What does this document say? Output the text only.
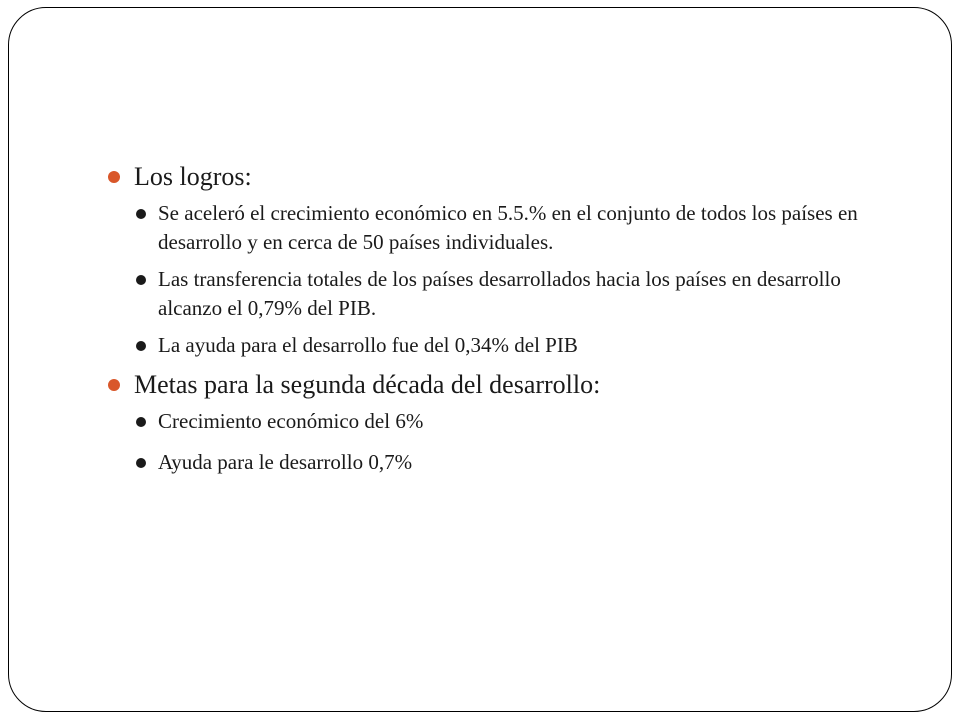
Los logros:
Se aceleró el crecimiento económico en 5.5.% en el conjunto de todos los países en desarrollo y en cerca de 50 países individuales.
Las transferencia totales de los países desarrollados hacia los países en desarrollo alcanzo el 0,79% del PIB.
La ayuda para el desarrollo fue del 0,34% del PIB
Metas para la segunda década del desarrollo:
Crecimiento económico del 6%
Ayuda para le desarrollo 0,7%
